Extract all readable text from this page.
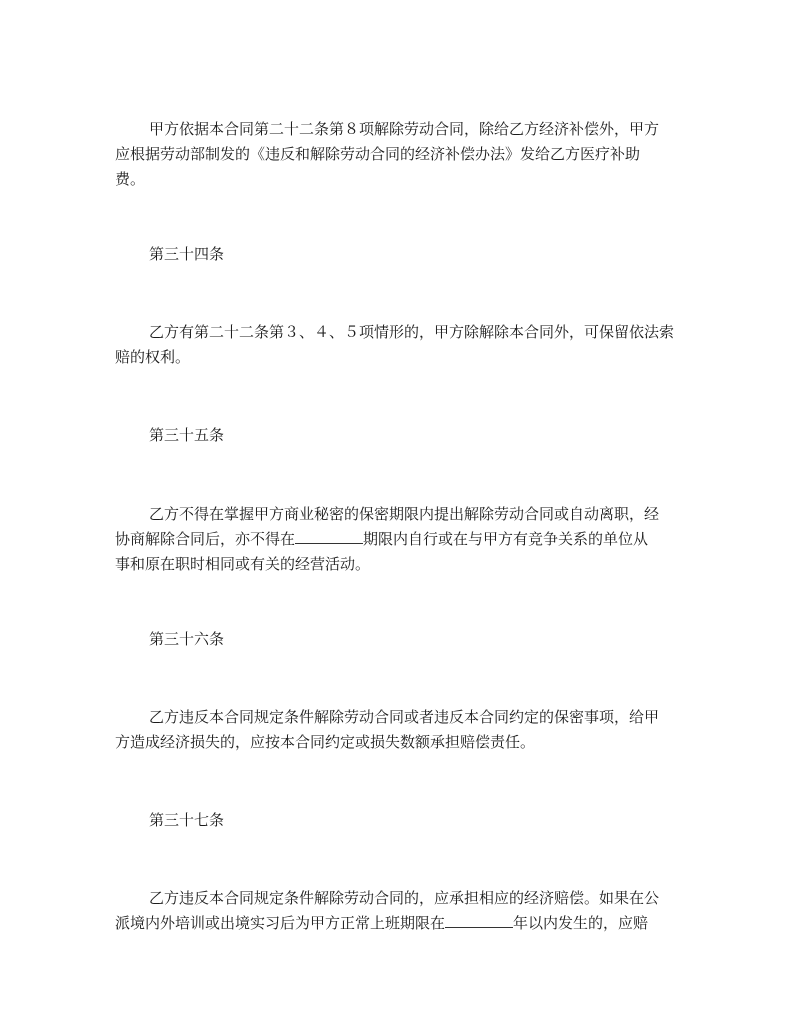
甲方依据本合同第二十二条第８项解除劳动合同，除给乙方经济补偿外，甲方
应根据劳动部制发的《违反和解除劳动合同的经济补偿办法》发给乙方医疗补助
费。
第三十四条
乙方有第二十二条第３、４、５项情形的，甲方除解除本合同外，可保留依法索
赔的权利。
第三十五条
乙方不得在掌握甲方商业秘密的保密期限内提出解除劳动合同或自动离职，经
协商解除合同后，亦不得在	期限内自行或在与甲方有竞争关系的单位从
事和原在职时相同或有关的经营活动。
第三十六条
乙方违反本合同规定条件解除劳动合同或者违反本合同约定的保密事项，给甲
方造成经济损失的，应按本合同约定或损失数额承担赔偿责任。
第三十七条
乙方违反本合同规定条件解除劳动合同的，应承担相应的经济赔偿。如果在公
派境内外培训或出境实习后为甲方正常上班期限在	年以内发生的，应赔
